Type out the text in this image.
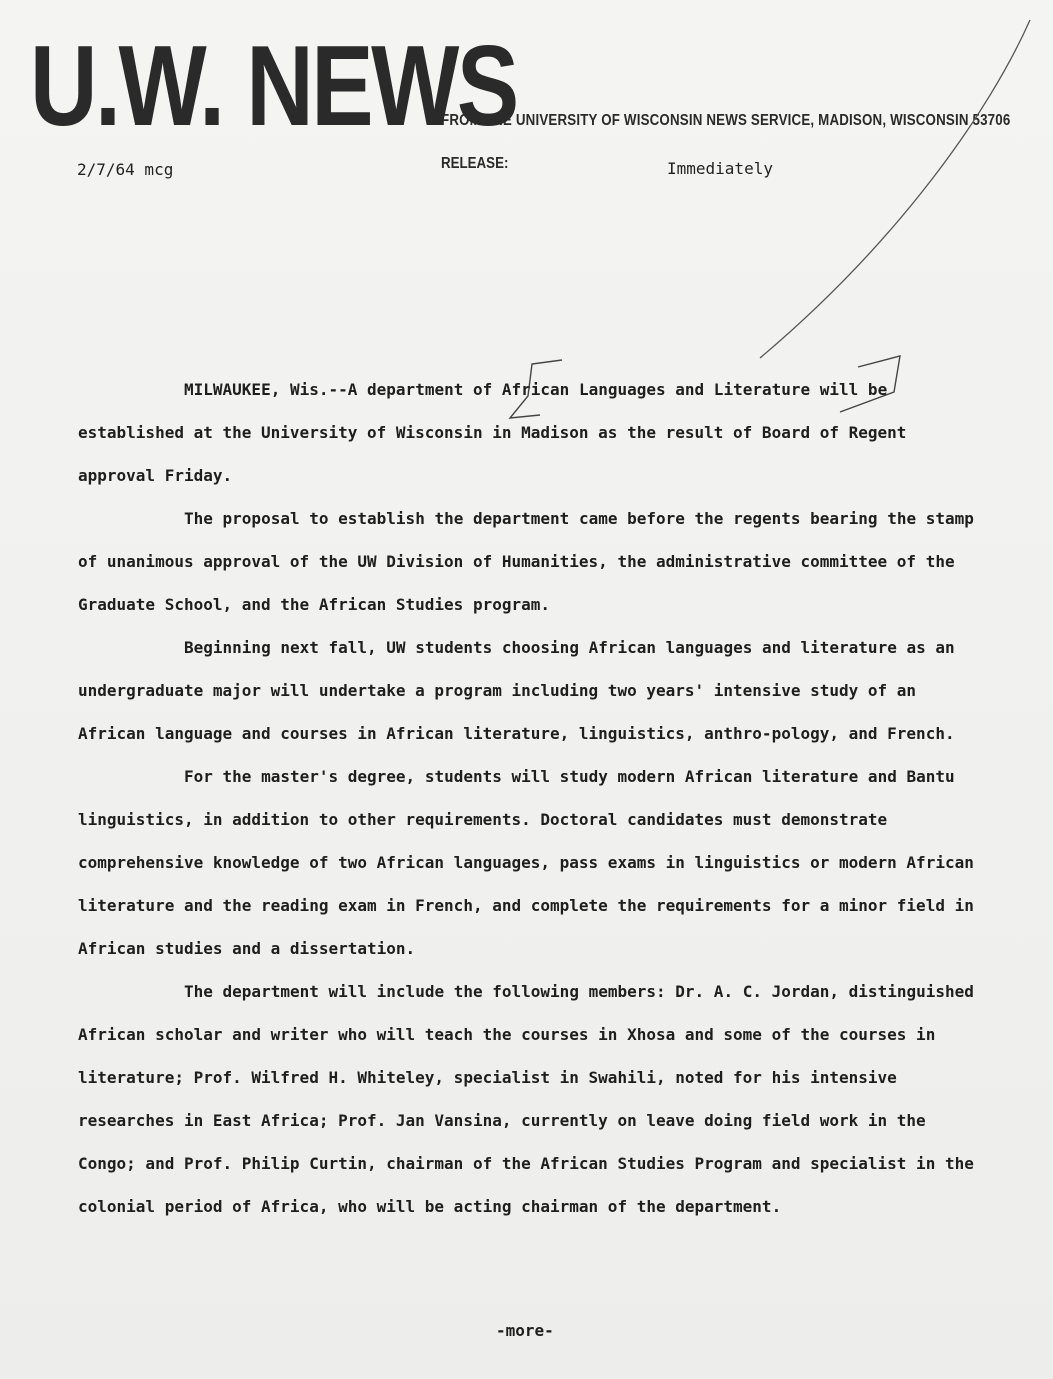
U.W. NEWS
FROM THE UNIVERSITY OF WISCONSIN NEWS SERVICE, MADISON, WISCONSIN 53706
2/7/64 mcg	RELEASE:	Immediately

MILWAUKEE, Wis.--A department of African Languages and Literature will be established at the University of Wisconsin in Madison as the result of Board of Regent approval Friday.

The proposal to establish the department came before the regents bearing the stamp of unanimous approval of the UW Division of Humanities, the administrative committee of the Graduate School, and the African Studies program.

Beginning next fall, UW students choosing African languages and literature as an undergraduate major will undertake a program including two years' intensive study of an African language and courses in African literature, linguistics, anthro-pology, and French.

For the master's degree, students will study modern African literature and Bantu linguistics, in addition to other requirements. Doctoral candidates must demonstrate comprehensive knowledge of two African languages, pass exams in linguistics or modern African literature and the reading exam in French, and complete the requirements for a minor field in African studies and a dissertation.

The department will include the following members: Dr. A. C. Jordan, distinguished African scholar and writer who will teach the courses in Xhosa and some of the courses in literature; Prof. Wilfred H. Whiteley, specialist in Swahili, noted for his intensive researches in East Africa; Prof. Jan Vansina, currently on leave doing field work in the Congo; and Prof. Philip Curtin, chairman of the African Studies Program and specialist in the colonial period of Africa, who will be acting chairman of the department.

-more-
